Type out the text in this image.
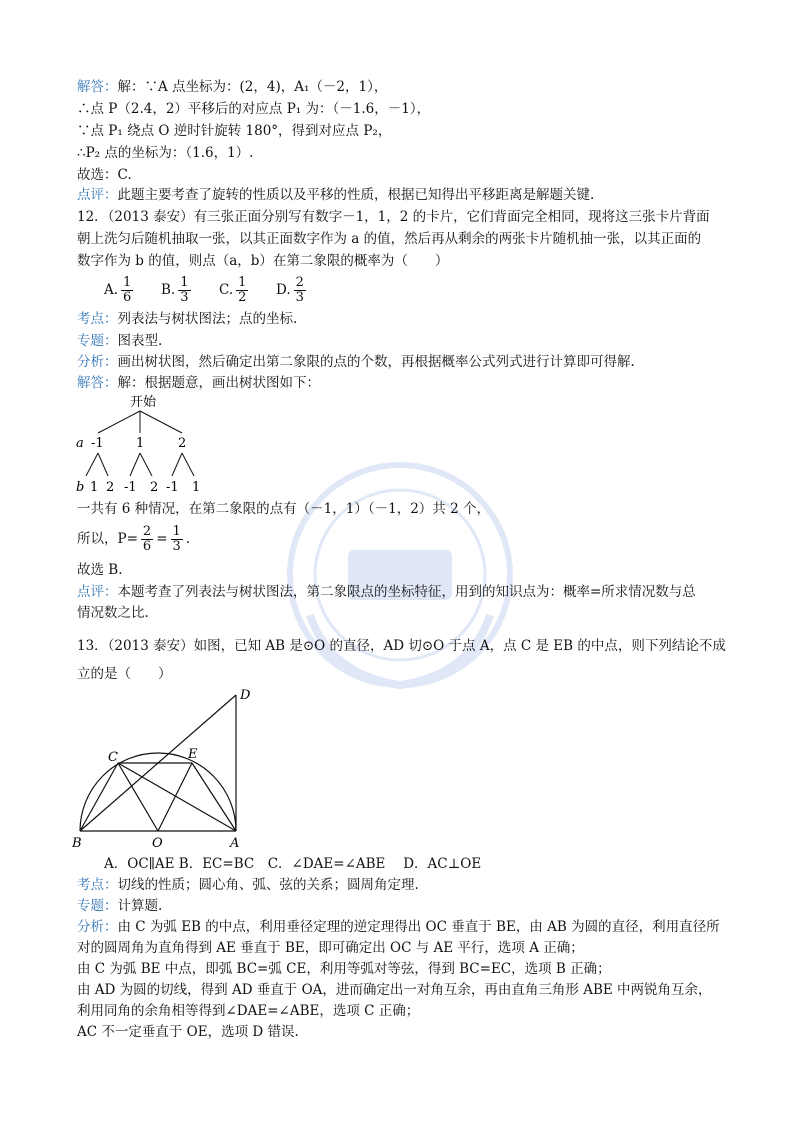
解答：解：∵A 点坐标为：(2，4)，A₁（－2，1），
∴点 P（2.4，2）平移后的对应点 P₁ 为：（－1.6，－1），
∵点 P₁ 绕点 O 逆时针旋转 180°，得到对应点 P₂，
∴P₂ 点的坐标为：（1.6，1）.
故选：C.
点评：此题主要考查了旋转的性质以及平移的性质，根据已知得出平移距离是解题关键.
12．（2013 泰安）有三张正面分别写有数字－1，1，2 的卡片，它们背面完全相同，现将这三张卡片背面
朝上洗匀后随机抽取一张，以其正面数字作为 a 的值，然后再从剩余的两张卡片随机抽一张，以其正面的
数字作为 b 的值，则点（a，b）在第二象限的概率为（　　）
A. $\frac{1}{6} B$. $\frac{1}{3} C$. $\frac{1}{2} D$. $\frac{2}{3}$
考点：列表法与树状图法；点的坐标.
专题：图表型.
分析：画出树状图，然后确定出第二象限的点的个数，再根据概率公式列式进行计算即可得解.
解答：解：根据题意，画出树状图如下：
开始
a -1 1	2
b 1 2 -1 2 -1 1
一共有 6 种情况，在第二象限的点有（－1，1）（－1，2）共 2 个，
所以，$P= \frac{2}{6} = \frac{1}{3}$ .
故选 B.
点评：本题考查了列表法与树状图法，第二象限点的坐标特征，用到的知识点为：概率=所求情况数与总
情况数之比.
13．（2013 泰安）如图，已知 AB 是⊙O 的直径，AD 切⊙O 于点 A，点 C 是 EB 的中点，则下列结论不成
立的是（　　）
B	O	A
C	E
D
A．OC∥AE B．EC=BC　C．∠DAE=∠ABE　 D．AC⊥OE
考点：切线的性质；圆心角、弧、弦的关系；圆周角定理.
专题：计算题.
分析：由 C 为弧 EB 的中点，利用垂径定理的逆定理得出 OC 垂直于 BE，由 AB 为圆的直径，利用直径所
对的圆周角为直角得到 AE 垂直于 BE，即可确定出 OC 与 AE 平行，选项 A 正确；
由 C 为弧 BE 中点，即弧 BC=弧 CE，利用等弧对等弦，得到 BC=EC，选项 B 正确；
由 AD 为圆的切线，得到 AD 垂直于 OA，进而确定出一对角互余，再由直角三角形 ABE 中两锐角互余，
利用同角的余角相等得到∠DAE=∠ABE，选项 C 正确；
AC 不一定垂直于 OE，选项 D 错误.
